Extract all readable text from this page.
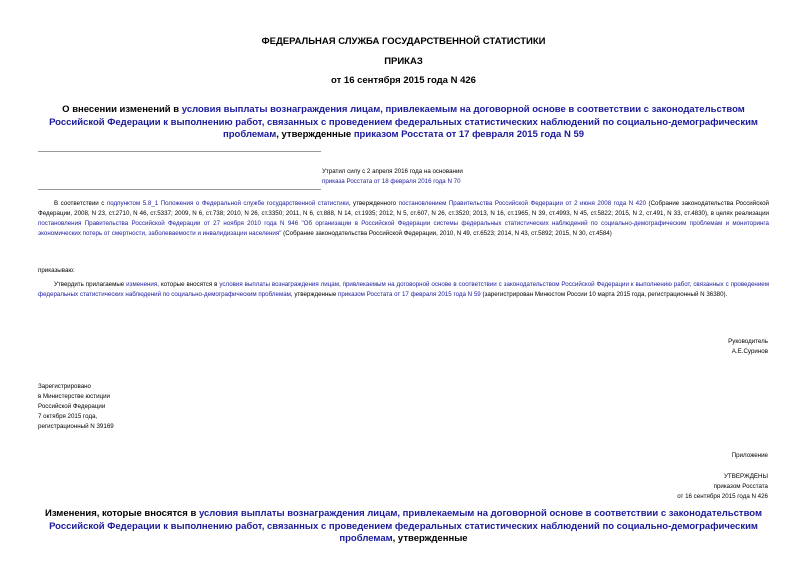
ФЕДЕРАЛЬНАЯ СЛУЖБА ГОСУДАРСТВЕННОЙ СТАТИСТИКИ
ПРИКАЗ
от 16 сентября 2015 года N 426
О внесении изменений в условия выплаты вознаграждения лицам, привлекаемым на договорной основе в соответствии с законодательством Российской Федерации к выполнению работ, связанных с проведением федеральных статистических наблюдений по социально-демографическим проблемам, утвержденные приказом Росстата от 17 февраля 2015 года N 59
Утратил силу с 2 апреля 2016 года на основании
приказа Росстата от 18 февраля 2016 года N 70
В соответствии с подпунктом 5.8_1 Положения о Федеральной службе государственной статистики, утвержденного постановлением Правительства Российской Федерации от 2 июня 2008 года N 420 (Собрание законодательства Российской Федерации, 2008, N 23, ст.2710, N 46, ст.5337; 2009, N 6, ст.738; 2010, N 26, ст.3350; 2011, N 6, ст.888, N 14, ст.1935; 2012, N 5, ст.607, N 26, ст.3520; 2013, N 16, ст.1965, N 39, ст.4993, N 45, ст.5822; 2015, N 2, ст.491, N 33, ст.4830), в целях реализации постановления Правительства Российской Федерации от 27 ноября 2010 года N 946 "Об организации в Российской Федерации системы федеральных статистических наблюдений по социально-демографическим проблемам и мониторинга экономических потерь от смертности, заболеваемости и инвалидизации населения" (Собрание законодательства Российской Федерации, 2010, N 49, ст.6523; 2014, N 43, ст.5892; 2015, N 30, ст.4584)
приказываю:
Утвердить прилагаемые изменения, которые вносятся в условия выплаты вознаграждения лицам, привлекаемым на договорной основе в соответствии с законодательством Российской Федерации к выполнению работ, связанных с проведением федеральных статистических наблюдений по социально-демографическим проблемам, утвержденные приказом Росстата от 17 февраля 2015 года N 59 (зарегистрирован Минюстом России 10 марта 2015 года, регистрационный N 36380).
Руководитель
А.Е.Суринов
Зарегистрировано
в Министерстве юстиции
Российской Федерации
7 октября 2015 года,
регистрационный N 39169
Приложение
УТВЕРЖДЕНЫ
приказом Росстата
от 16 сентября 2015 года N 426
Изменения, которые вносятся в условия выплаты вознаграждения лицам, привлекаемым на договорной основе в соответствии с законодательством Российской Федерации к выполнению работ, связанных с проведением федеральных статистических наблюдений по социально-демографическим проблемам, утвержденные
